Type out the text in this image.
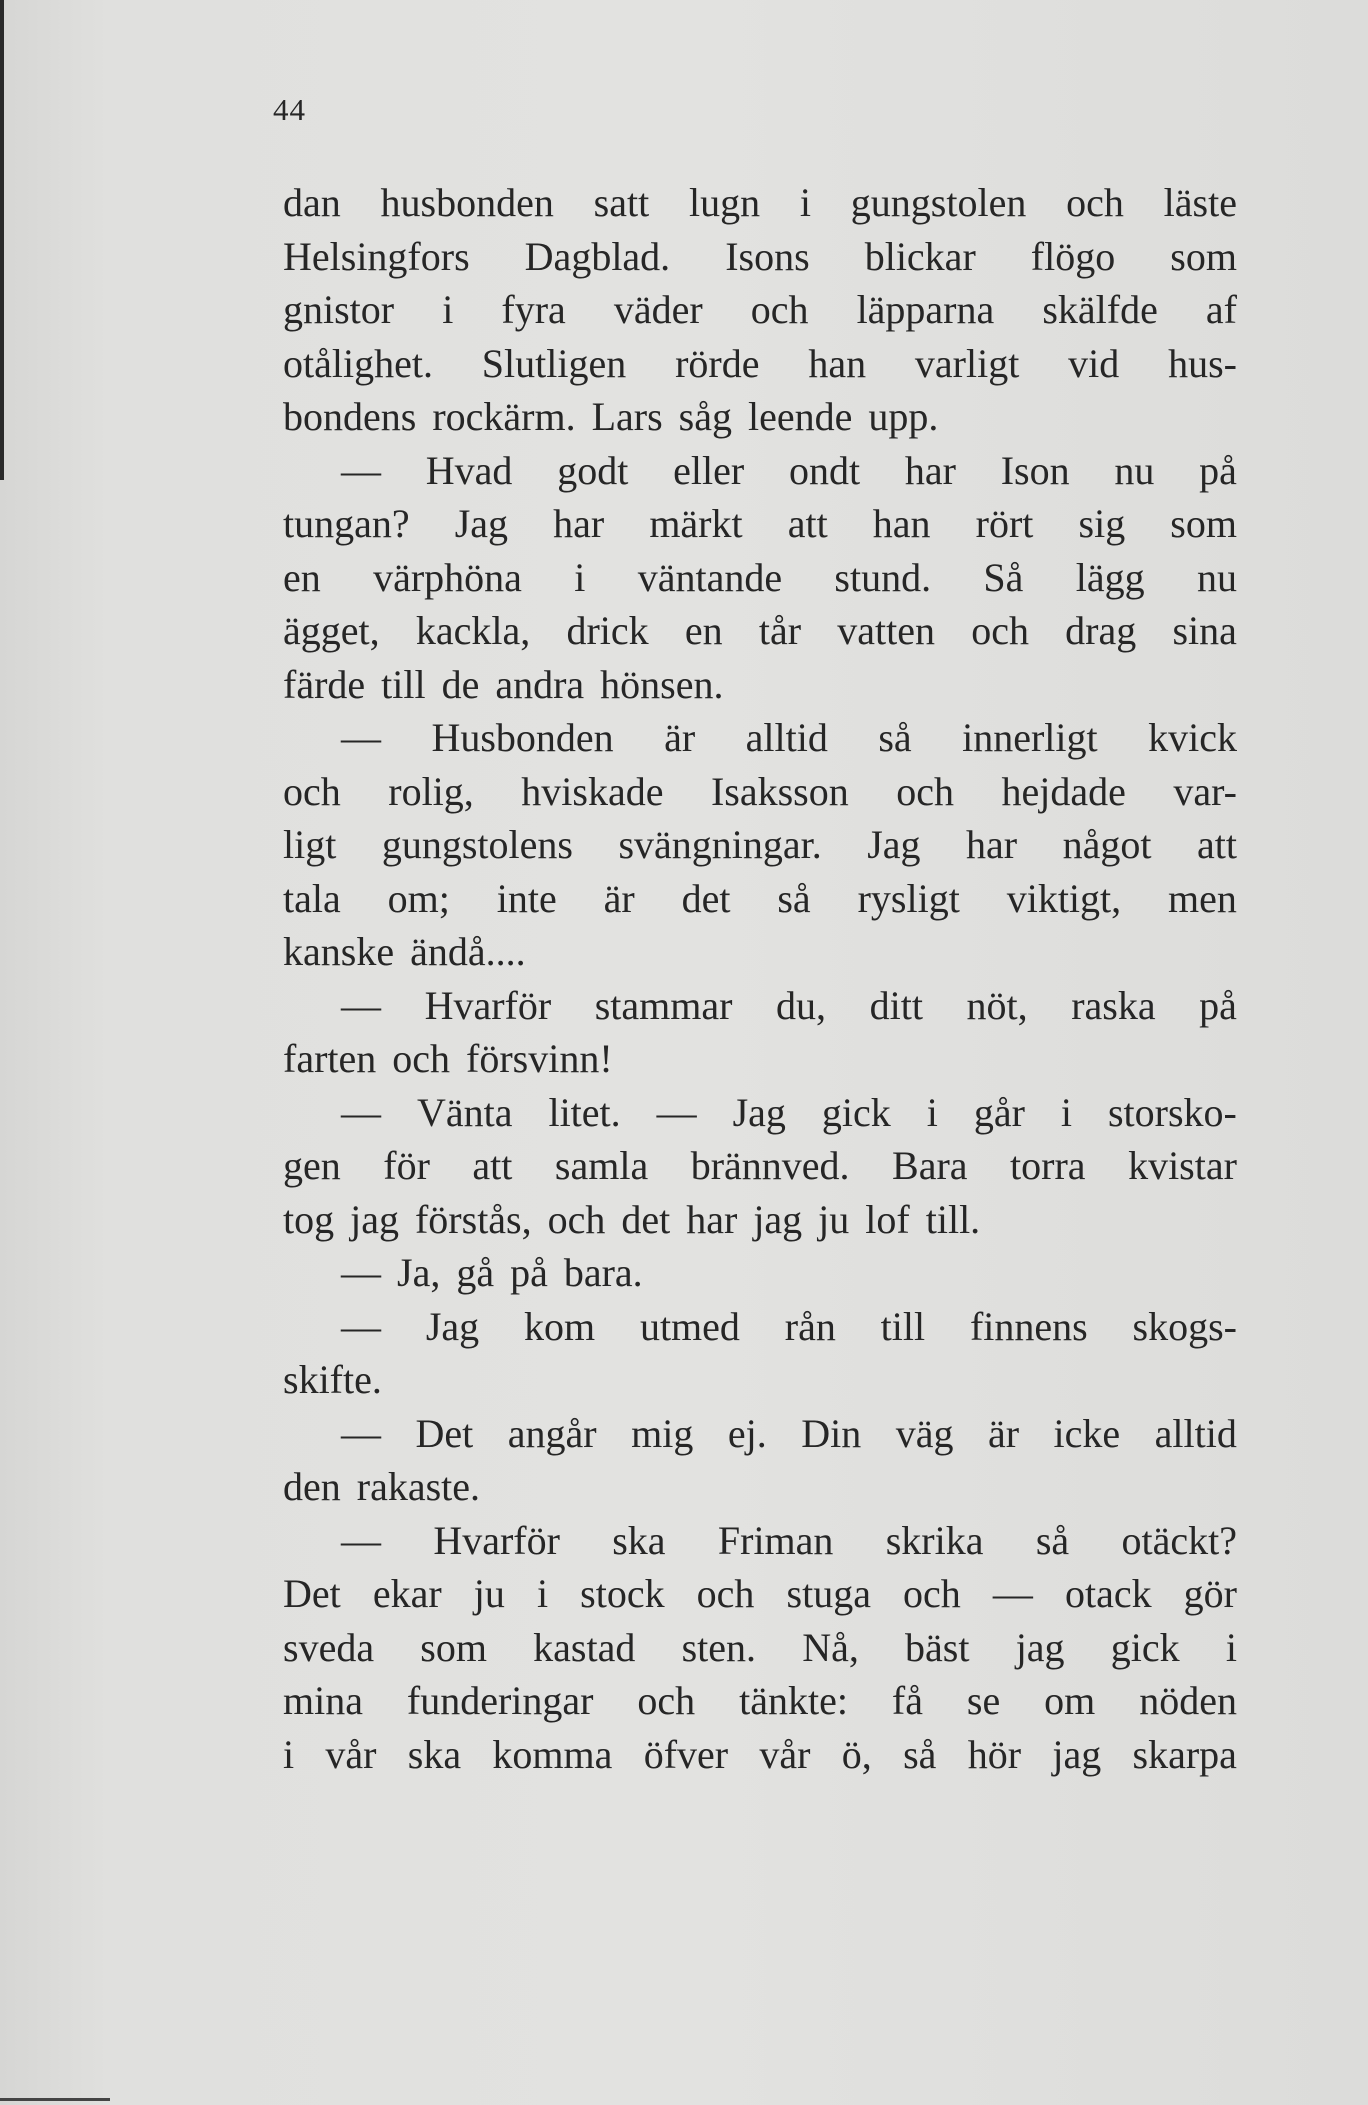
44
dan husbonden satt lugn i gungstolen och läste
Helsingfors Dagblad. Isons blickar flögo som
gnistor i fyra väder och läpparna skälfde af
otålighet. Slutligen rörde han varligt vid hus-
bondens rockärm. Lars såg leende upp.
— Hvad godt eller ondt har Ison nu på
tungan? Jag har märkt att han rört sig som
en värphöna i väntande stund. Så lägg nu
ägget, kackla, drick en tår vatten och drag sina
färde till de andra hönsen.
— Husbonden är alltid så innerligt kvick
och rolig, hviskade Isaksson och hejdade var-
ligt gungstolens svängningar. Jag har något att
tala om; inte är det så rysligt viktigt, men
kanske ändå....
— Hvarför stammar du, ditt nöt, raska på
farten och försvinn!
— Vänta litet. — Jag gick i går i storsko-
gen för att samla brännved. Bara torra kvistar
tog jag förstås, och det har jag ju lof till.
— Ja, gå på bara.
— Jag kom utmed rån till finnens skogs-
skifte.
— Det angår mig ej. Din väg är icke alltid
den rakaste.
— Hvarför ska Friman skrika så otäckt?
Det ekar ju i stock och stuga och — otack gör
sveda som kastad sten. Nå, bäst jag gick i
mina funderingar och tänkte: få se om nöden
i vår ska komma öfver vår ö, så hör jag skarpa
